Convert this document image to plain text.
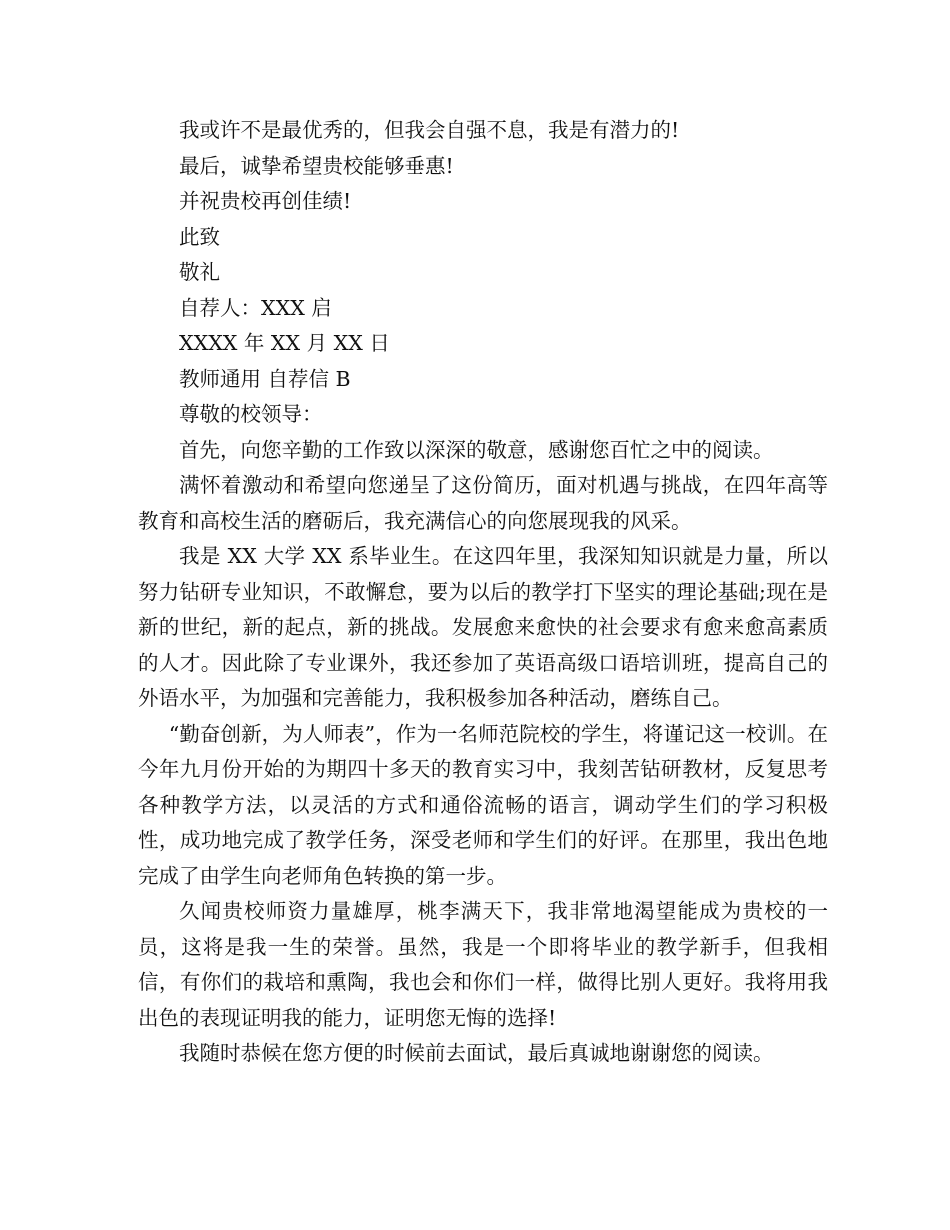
我或许不是最优秀的，但我会自强不息，我是有潜力的!

最后，诚挚希望贵校能够垂惠!

并祝贵校再创佳绩!

此致

敬礼

自荐人：XXX 启

XXXX 年 XX 月 XX 日

教师通用 自荐信 B

尊敬的校领导：

首先，向您辛勤的工作致以深深的敬意，感谢您百忙之中的阅读。

满怀着激动和希望向您递呈了这份简历，面对机遇与挑战，在四年高等教育和高校生活的磨砺后，我充满信心的向您展现我的风采。

我是 XX 大学 XX 系毕业生。在这四年里，我深知知识就是力量，所以努力钻研专业知识，不敢懈怠，要为以后的教学打下坚实的理论基础;现在是新的世纪，新的起点，新的挑战。发展愈来愈快的社会要求有愈来愈高素质的人才。因此除了专业课外，我还参加了英语高级口语培训班，提高自己的外语水平，为加强和完善能力，我积极参加各种活动，磨练自己。

“勤奋创新，为人师表”，作为一名师范院校的学生，将谨记这一校训。在今年九月份开始的为期四十多天的教育实习中，我刻苦钻研教材，反复思考各种教学方法，以灵活的方式和通俗流畅的语言，调动学生们的学习积极性，成功地完成了教学任务，深受老师和学生们的好评。在那里，我出色地完成了由学生向老师角色转换的第一步。

久闻贵校师资力量雄厚，桃李满天下，我非常地渴望能成为贵校的一员，这将是我一生的荣誉。虽然，我是一个即将毕业的教学新手，但我相信，有你们的栽培和熏陶，我也会和你们一样，做得比别人更好。我将用我出色的表现证明我的能力，证明您无悔的选择!

我随时恭候在您方便的时候前去面试，最后真诚地谢谢您的阅读。
